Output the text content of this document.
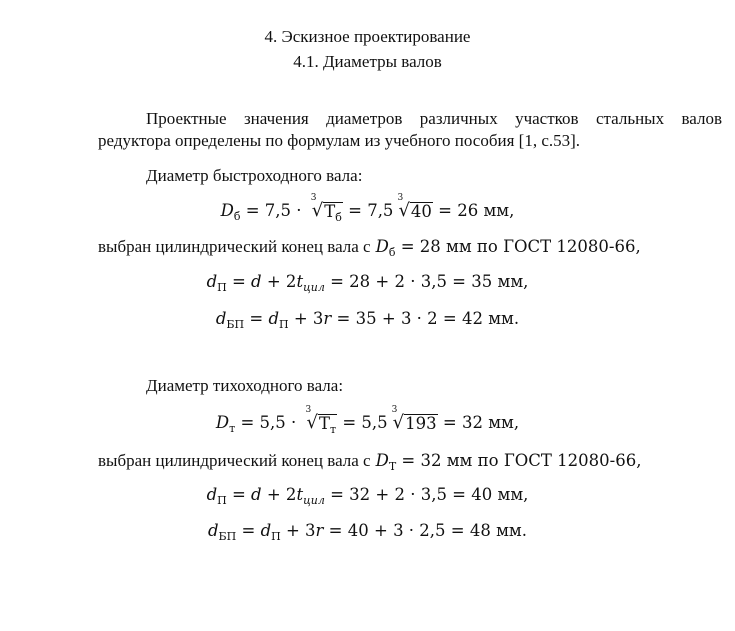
4. Эскизное проектирование
4.1. Диаметры валов
Проектные значения диаметров различных участков стальных валов
редуктора определены по формулам из учебного пособия [1, с.53].
Диаметр быстроходного вала:
$D_б = 7,5$ ·
3
√ $T_б = 7,5$
3
√ 40 = 26 мм,
выбран цилиндрический конец вала с $D_б = 28$ мм по ГОСТ 12080-66,
$d_П = d + 2t_{цил} = 28 + 2 \cdot 3,5 = 35$ мм,
$d_{БП} = d_П + 3r = 35 + 3 \cdot 2 = 42$ мм.
Диаметр тихоходного вала:
$D_т = 5,5$ ·
3
√ $T_т = 5,5$
3
√ 193 = 32 мм,
выбран цилиндрический конец вала с $D_Т = 32$ мм по ГОСТ 12080-66,
$d_П = d + 2t_{цил} = 32 + 2 \cdot 3,5 = 40$ мм,
$d_{БП} = d_П + 3r = 40 + 3 \cdot 2,5 = 48$ мм.
